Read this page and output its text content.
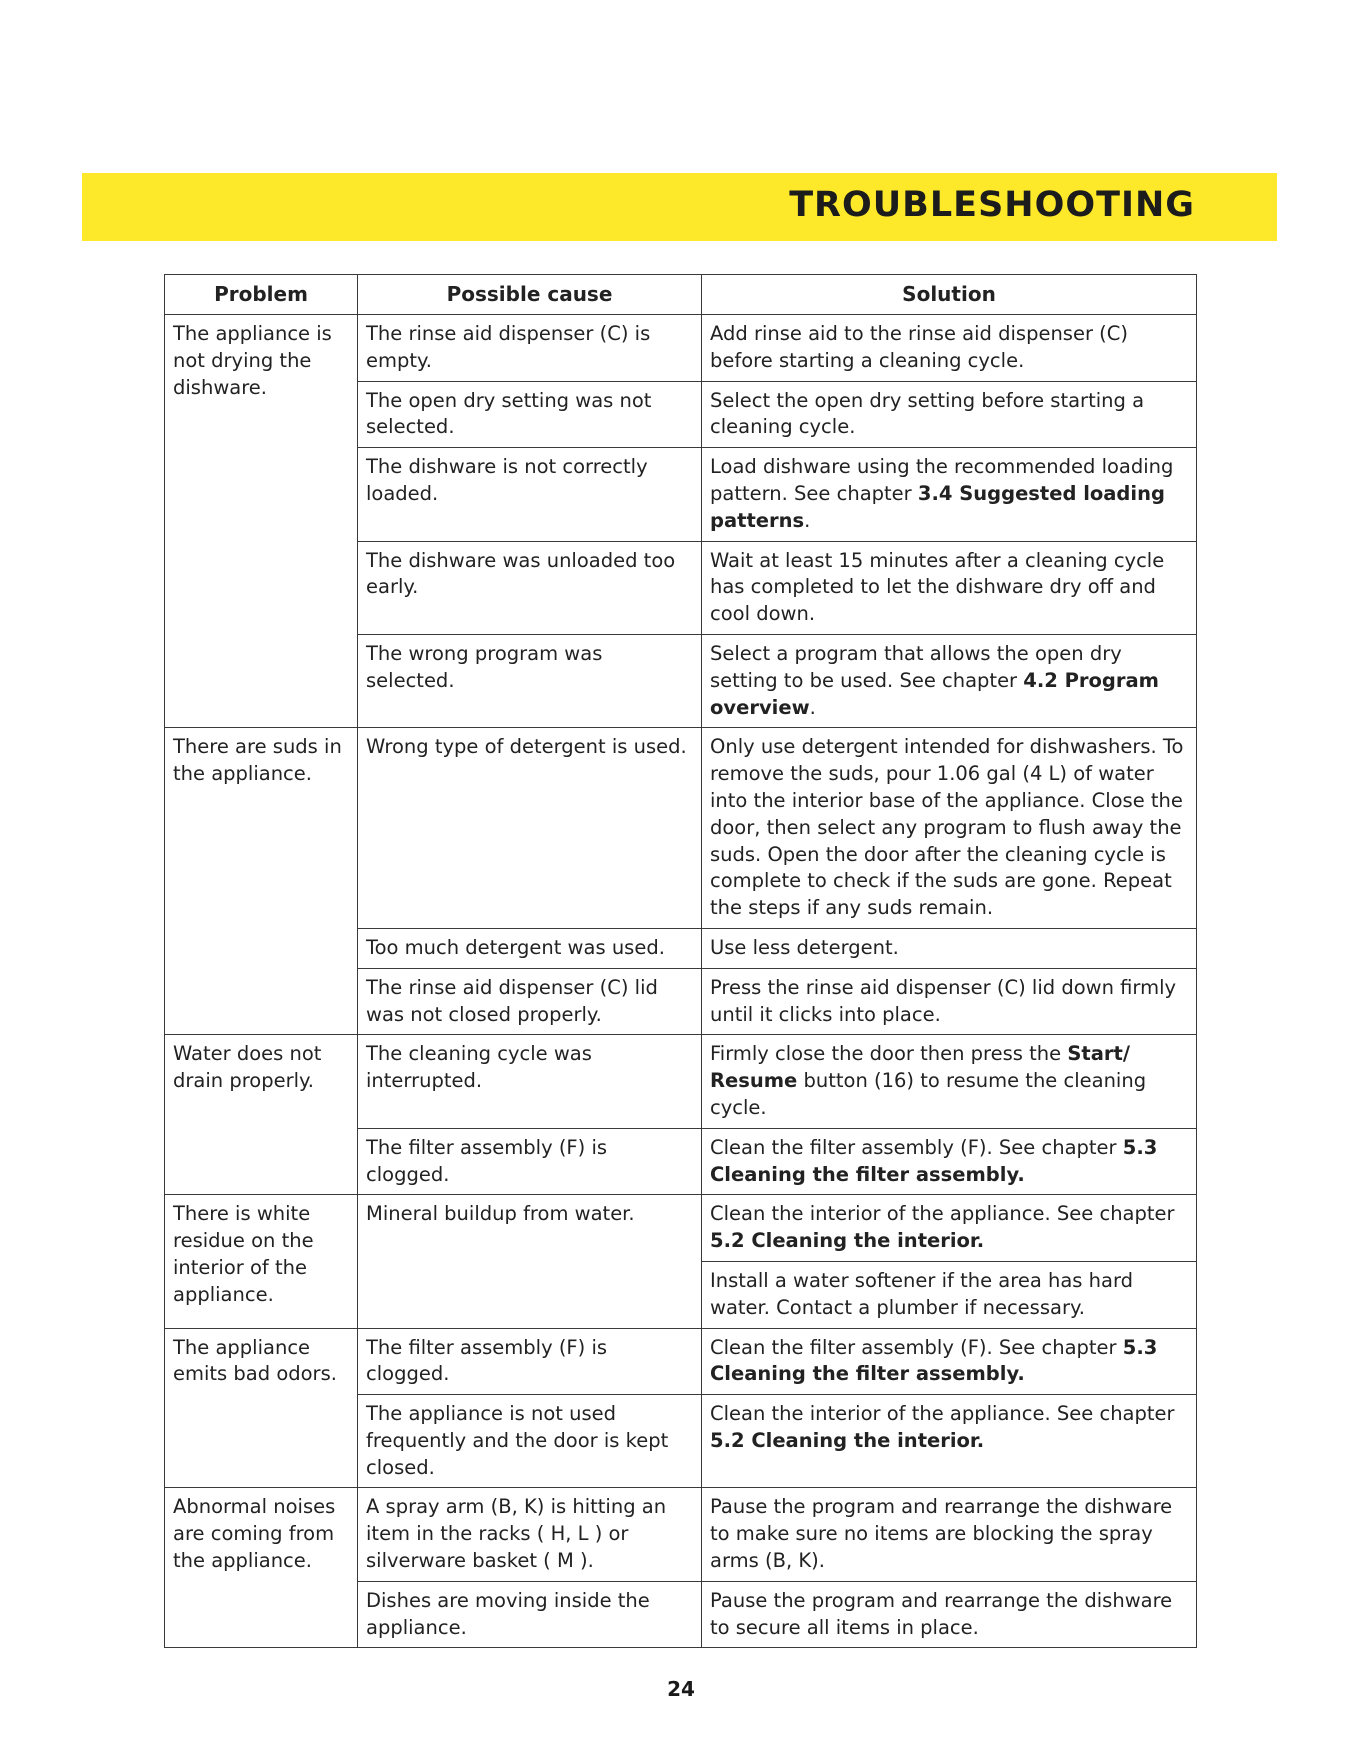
TROUBLESHOOTING
Problem	Possible cause	Solution
The appliance is not drying the dishware.	The rinse aid dispenser (C) is empty.	Add rinse aid to the rinse aid dispenser (C) before starting a cleaning cycle.
	The open dry setting was not selected.	Select the open dry setting before starting a cleaning cycle.
	The dishware is not correctly loaded.	Load dishware using the recommended loading pattern. See chapter 3.4 Suggested loading patterns.
	The dishware was unloaded too early.	Wait at least 15 minutes after a cleaning cycle has completed to let the dishware dry off and cool down.
	The wrong program was selected.	Select a program that allows the open dry setting to be used. See chapter 4.2 Program overview.
There are suds in the appliance.	Wrong type of detergent is used.	Only use detergent intended for dishwashers. To remove the suds, pour 1.06 gal (4 L) of water into the interior base of the appliance. Close the door, then select any program to flush away the suds. Open the door after the cleaning cycle is complete to check if the suds are gone. Repeat the steps if any suds remain.
	Too much detergent was used.	Use less detergent.
	The rinse aid dispenser (C) lid was not closed properly.	Press the rinse aid dispenser (C) lid down firmly until it clicks into place.
Water does not drain properly.	The cleaning cycle was interrupted.	Firmly close the door then press the Start/ Resume button (16) to resume the cleaning cycle.
	The filter assembly (F) is clogged.	Clean the filter assembly (F). See chapter 5.3 Cleaning the filter assembly.
There is white residue on the interior of the appliance.	Mineral buildup from water.	Clean the interior of the appliance. See chapter 5.2 Cleaning the interior.
		Install a water softener if the area has hard water. Contact a plumber if necessary.
The appliance emits bad odors.	The filter assembly (F) is clogged.	Clean the filter assembly (F). See chapter 5.3 Cleaning the filter assembly.
	The appliance is not used frequently and the door is kept closed.	Clean the interior of the appliance. See chapter 5.2 Cleaning the interior.
Abnormal noises are coming from the appliance.	A spray arm (B, K) is hitting an item in the racks ( H, L ) or silverware basket ( M ).	Pause the program and rearrange the dishware to make sure no items are blocking the spray arms (B, K).
	Dishes are moving inside the appliance.	Pause the program and rearrange the dishware to secure all items in place.
24
